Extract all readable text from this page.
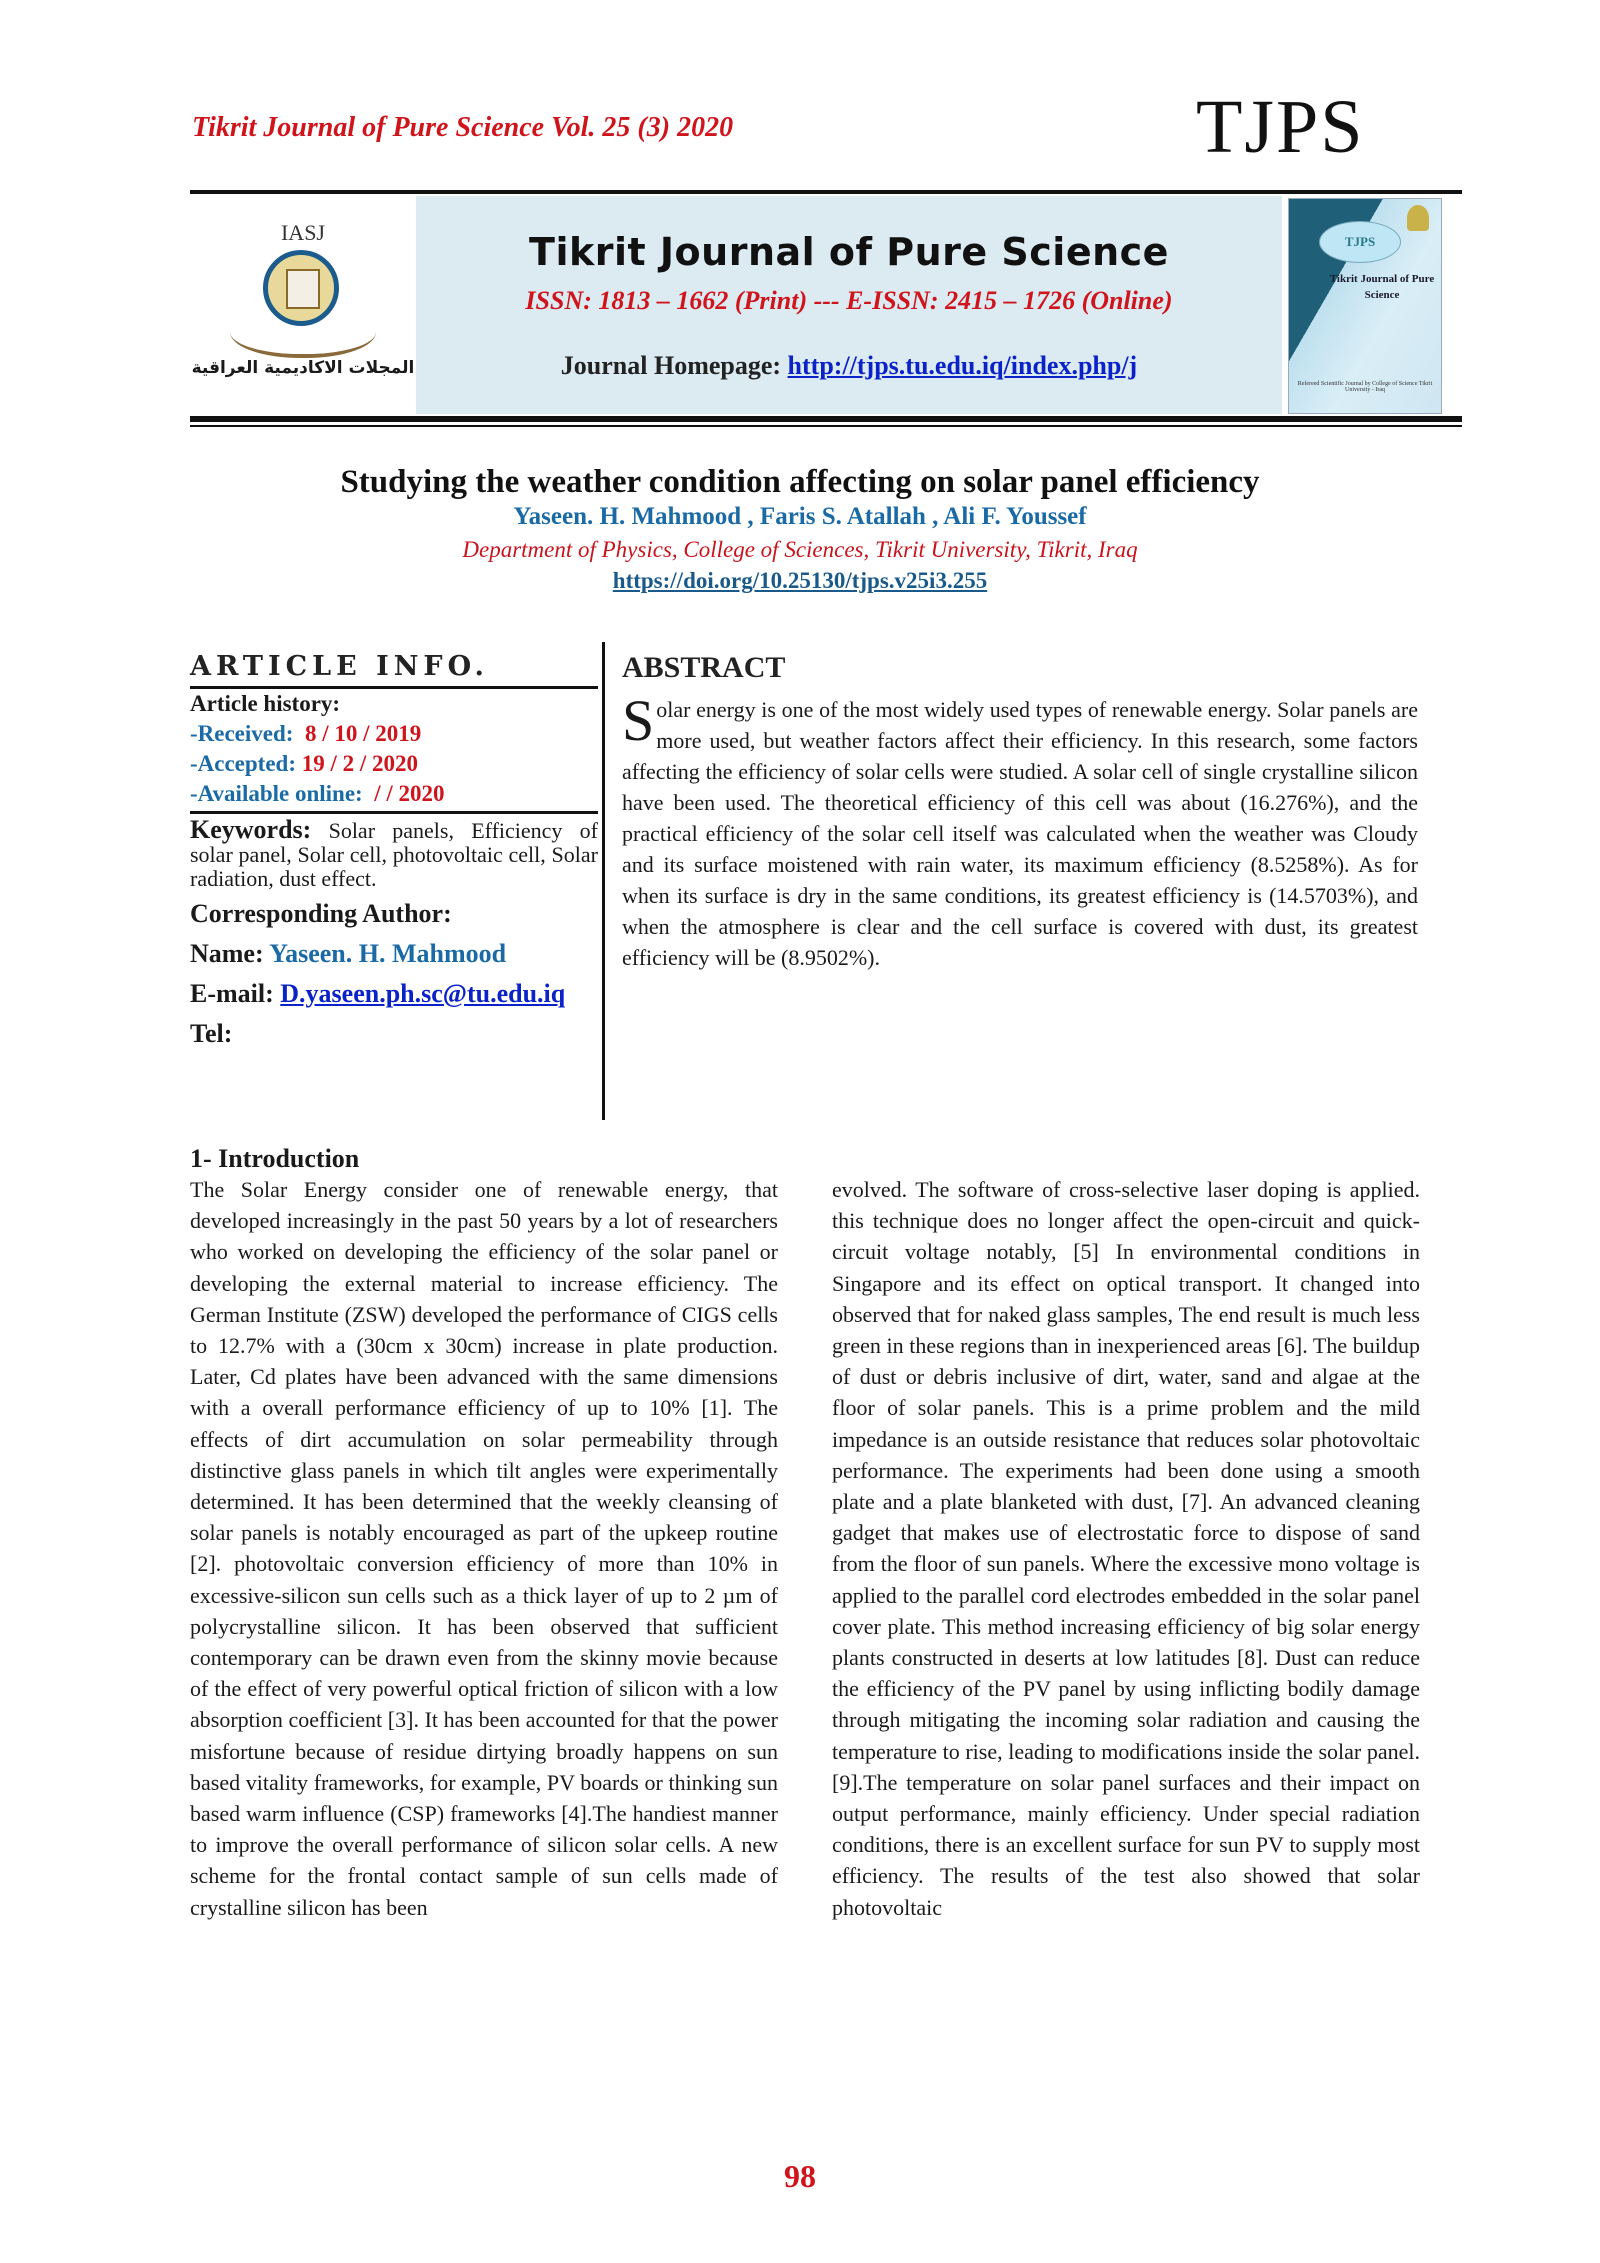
Tikrit Journal of Pure Science Vol. 25 (3) 2020	TJPS
IASJ
المجلات الاكاديمية العراقية
Tikrit Journal of Pure Science
ISSN: 1813 – 1662 (Print) --- E-ISSN: 2415 – 1726 (Online)
Journal Homepage: http://tjps.tu.edu.iq/index.php/j
TJPS
Tikrit Journal of Pure Science
Refereed Scientific Journal by College of Science Tikrit University - Iraq
Studying the weather condition affecting on solar panel efficiency
Yaseen. H. Mahmood , Faris S. Atallah , Ali F. Youssef
Department of Physics, College of Sciences, Tikrit University, Tikrit, Iraq
https://doi.org/10.25130/tjps.v25i3.255
ARTICLE INFO.
Article history:
-Received: 8 / 10 / 2019
-Accepted: 19 / 2 / 2020
-Available online: / / 2020
Keywords: Solar panels, Efficiency of solar panel, Solar cell, photovoltaic cell, Solar radiation, dust effect.
Corresponding Author:
Name: Yaseen. H. Mahmood
E-mail: D.yaseen.ph.sc@tu.edu.iq
Tel:
ABSTRACT
Solar energy is one of the most widely used types of renewable energy. Solar panels are more used, but weather factors affect their efficiency. In this research, some factors affecting the efficiency of solar cells were studied. A solar cell of single crystalline silicon have been used. The theoretical efficiency of this cell was about (16.276%), and the practical efficiency of the solar cell itself was calculated when the weather was Cloudy and its surface moistened with rain water, its maximum efficiency (8.5258%). As for when its surface is dry in the same conditions, its greatest efficiency is (14.5703%), and when the atmosphere is clear and the cell surface is covered with dust, its greatest efficiency will be (8.9502%).
1- Introduction
The Solar Energy consider one of renewable energy, that developed increasingly in the past 50 years by a lot of researchers who worked on developing the efficiency of the solar panel or developing the external material to increase efficiency. The German Institute (ZSW) developed the performance of CIGS cells to 12.7% with a (30cm x 30cm) increase in plate production. Later, Cd plates have been advanced with the same dimensions with a overall performance efficiency of up to 10% [1]. The effects of dirt accumulation on solar permeability through distinctive glass panels in which tilt angles were experimentally determined. It has been determined that the weekly cleansing of solar panels is notably encouraged as part of the upkeep routine [2]. photovoltaic conversion efficiency of more than 10% in excessive-silicon sun cells such as a thick layer of up to 2 µm of polycrystalline silicon. It has been observed that sufficient contemporary can be drawn even from the skinny movie because of the effect of very powerful optical friction of silicon with a low absorption coefficient [3]. It has been accounted for that the power misfortune because of residue dirtying broadly happens on sun based vitality frameworks, for example, PV boards or thinking sun based warm influence (CSP) frameworks [4].The handiest manner to improve the overall performance of silicon solar cells. A new scheme for the frontal contact sample of sun cells made of crystalline silicon has been
evolved. The software of cross-selective laser doping is applied. this technique does no longer affect the open-circuit and quick-circuit voltage notably, [5] In environmental conditions in Singapore and its effect on optical transport. It changed into observed that for naked glass samples, The end result is much less green in these regions than in inexperienced areas [6]. The buildup of dust or debris inclusive of dirt, water, sand and algae at the floor of solar panels. This is a prime problem and the mild impedance is an outside resistance that reduces solar photovoltaic performance. The experiments had been done using a smooth plate and a plate blanketed with dust, [7]. An advanced cleaning gadget that makes use of electrostatic force to dispose of sand from the floor of sun panels. Where the excessive mono voltage is applied to the parallel cord electrodes embedded in the solar panel cover plate. This method increasing efficiency of big solar energy plants constructed in deserts at low latitudes [8]. Dust can reduce the efficiency of the PV panel by using inflicting bodily damage through mitigating the incoming solar radiation and causing the temperature to rise, leading to modifications inside the solar panel. [9].The temperature on solar panel surfaces and their impact on output performance, mainly efficiency. Under special radiation conditions, there is an excellent surface for sun PV to supply most efficiency. The results of the test also showed that solar photovoltaic
98
